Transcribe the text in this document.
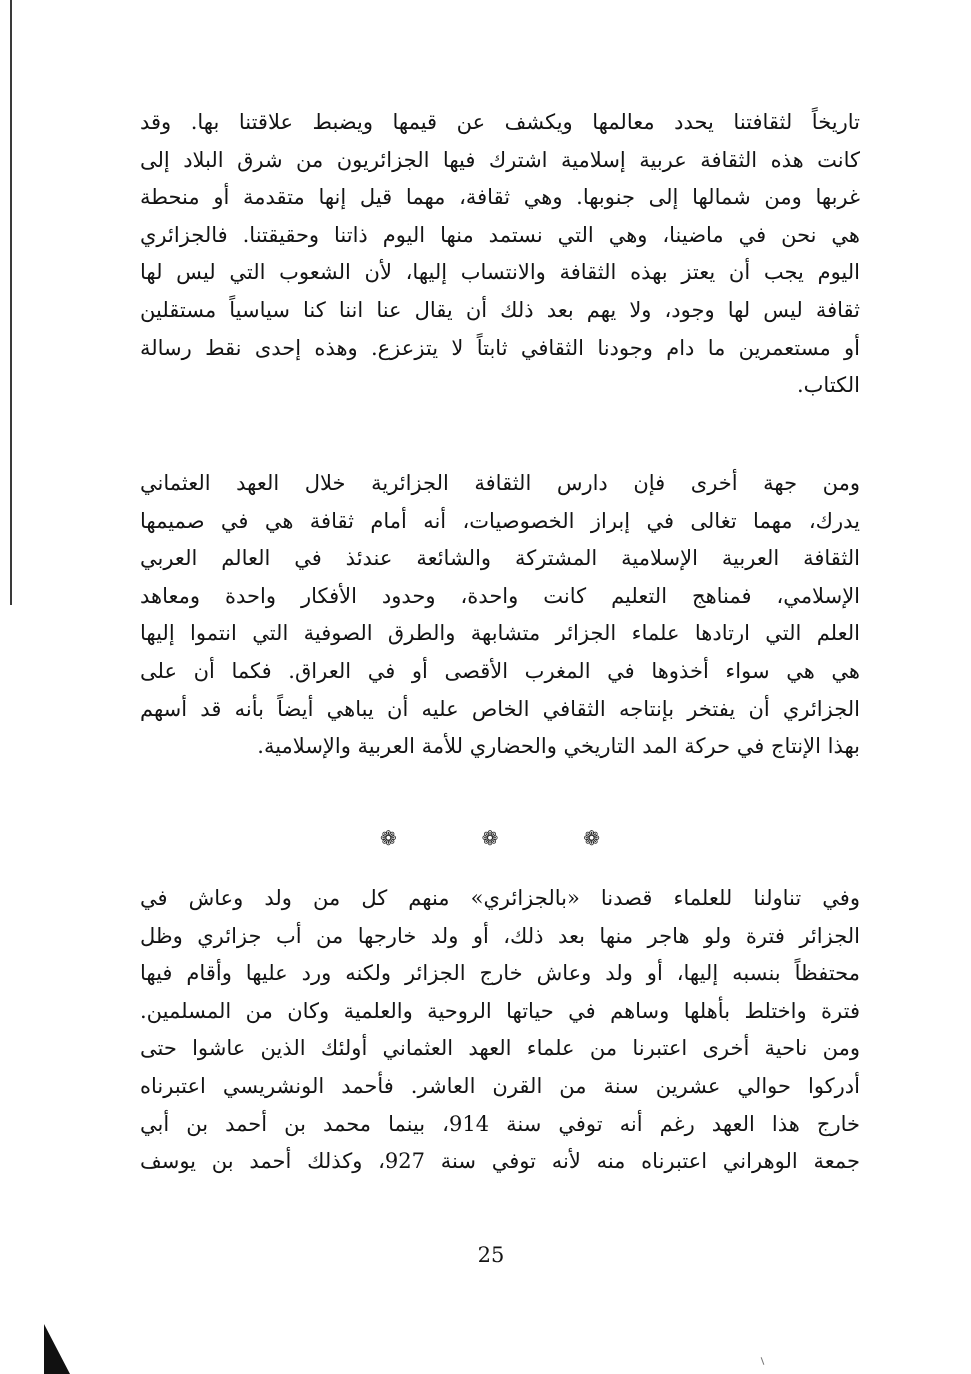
تاريخاً لثقافتنا يحدد معالمها ويكشف عن قيمها ويضبط علاقتنا بها. وقد
كانت هذه الثقافة عربية إسلامية اشترك فيها الجزائريون من شرق البلاد إلى
غربها ومن شمالها إلى جنوبها. وهي ثقافة، مهما قيل إنها متقدمة أو منحطة
هي نحن في ماضينا، وهي التي نستمد منها اليوم ذاتنا وحقيقتنا. فالجزائري
اليوم يجب أن يعتز بهذه الثقافة والانتساب إليها، لأن الشعوب التي ليس لها
ثقافة ليس لها وجود، ولا يهم بعد ذلك أن يقال عنا اننا كنا سياسياً مستقلين
أو مستعمرين ما دام وجودنا الثقافي ثابتاً لا يتزعزع. وهذه إحدى نقط رسالة
الكتاب.
ومن جهة أخرى فإن دارس الثقافة الجزائرية خلال العهد العثماني
يدرك، مهما تغالى في إبراز الخصوصيات، أنه أمام ثقافة هي في صميمها
الثقافة العربية الإسلامية المشتركة والشائعة عندئذ في العالم العربي
الإسلامي، فمناهج التعليم كانت واحدة، وحدود الأفكار واحدة ومعاهد
العلم التي ارتادها علماء الجزائر متشابهة والطرق الصوفية التي انتموا إليها
هي هي سواء أخذوها في المغرب الأقصى أو في العراق. فكما أن على
الجزائري أن يفتخر بإنتاجه الثقافي الخاص عليه أن يباهي أيضاً بأنه قد أسهم
بهذا الإنتاج في حركة المد التاريخي والحضاري للأمة العربية والإسلامية.
❁	❁	❁
وفي تناولنا للعلماء قصدنا «بالجزائري» منهم كل من ولد وعاش في
الجزائر فترة ولو هاجر منها بعد ذلك، أو ولد خارجها من أب جزائري وظل
محتفظاً بنسبه إليها، أو ولد وعاش خارج الجزائر ولكنه ورد عليها وأقام فيها
فترة واختلط بأهلها وساهم في حياتها الروحية والعلمية وكان من المسلمين.
ومن ناحية أخرى اعتبرنا من علماء العهد العثماني أولئك الذين عاشوا حتى
أدركوا حوالي عشرين سنة من القرن العاشر. فأحمد الونشريسي اعتبرناه
خارج هذا العهد رغم أنه توفي سنة 914، بينما محمد بن أحمد بن أبي
جمعة الوهراني اعتبرناه منه لأنه توفي سنة 927، وكذلك أحمد بن يوسف
25
